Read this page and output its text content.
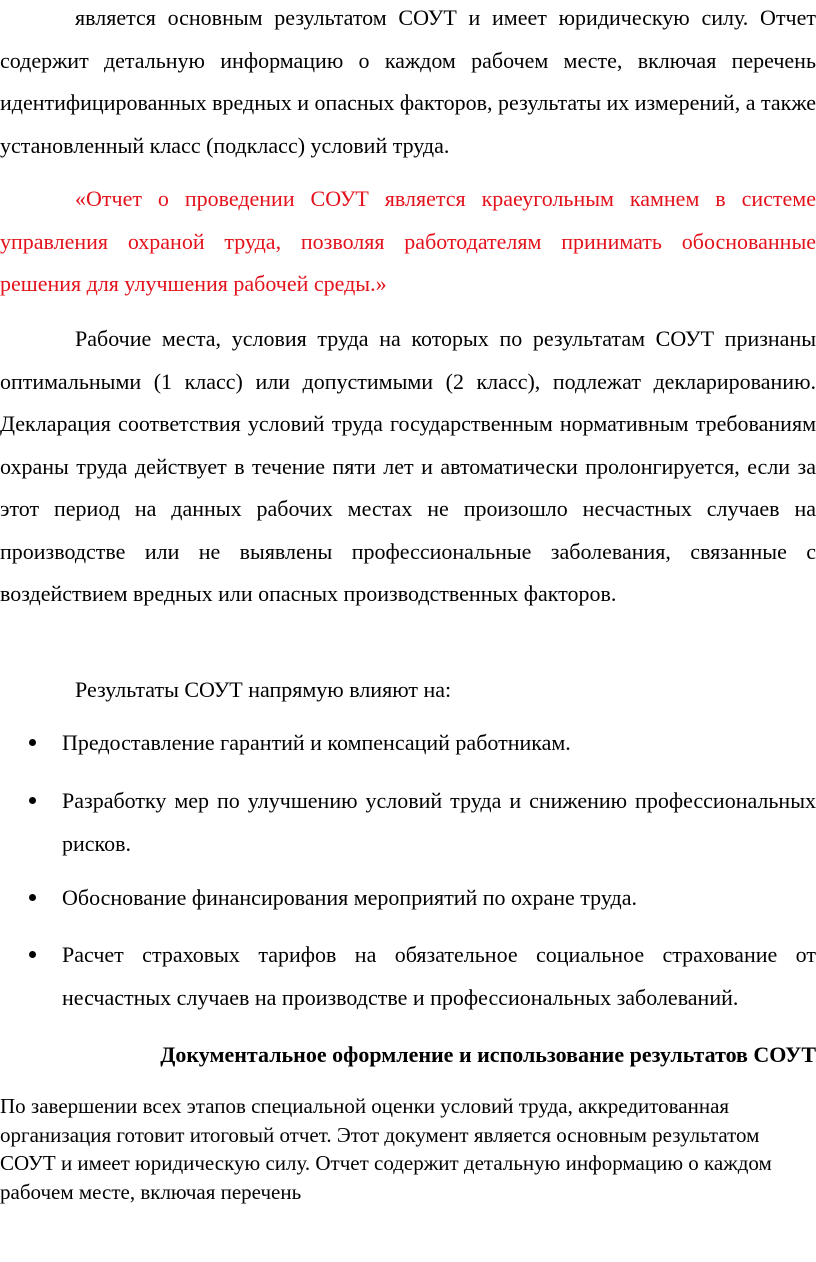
является основным результатом СОУТ и имеет юридическую силу. Отчет содержит детальную информацию о каждом рабочем месте, включая перечень идентифицированных вредных и опасных факторов, результаты их измерений, а также установленный класс (подкласс) условий труда.

«Отчет о проведении СОУТ является краеугольным камнем в системе управления охраной труда, позволяя работодателям принимать обоснованные решения для улучшения рабочей среды.»

Рабочие места, условия труда на которых по результатам СОУТ признаны оптимальными (1 класс) или допустимыми (2 класс), подлежат декларированию. Декларация соответствия условий труда государственным нормативным требованиям охраны труда действует в течение пяти лет и автоматически пролонгируется, если за этот период на данных рабочих местах не произошло несчастных случаев на производстве или не выявлены профессиональные заболевания, связанные с воздействием вредных или опасных производственных факторов.

Результаты СОУТ напрямую влияют на:

Предоставление гарантий и компенсаций работникам.
Разработку мер по улучшению условий труда и снижению профессиональных рисков.
Обоснование финансирования мероприятий по охране труда.
Расчет страховых тарифов на обязательное социальное страхование от несчастных случаев на производстве и профессиональных заболеваний.
Документальное оформление и использование результатов СОУТ

По завершении всех этапов специальной оценки условий труда, аккредитованная организация готовит итоговый отчет. Этот документ является основным результатом СОУТ и имеет юридическую силу. Отчет содержит детальную информацию о каждом рабочем месте, включая перечень
